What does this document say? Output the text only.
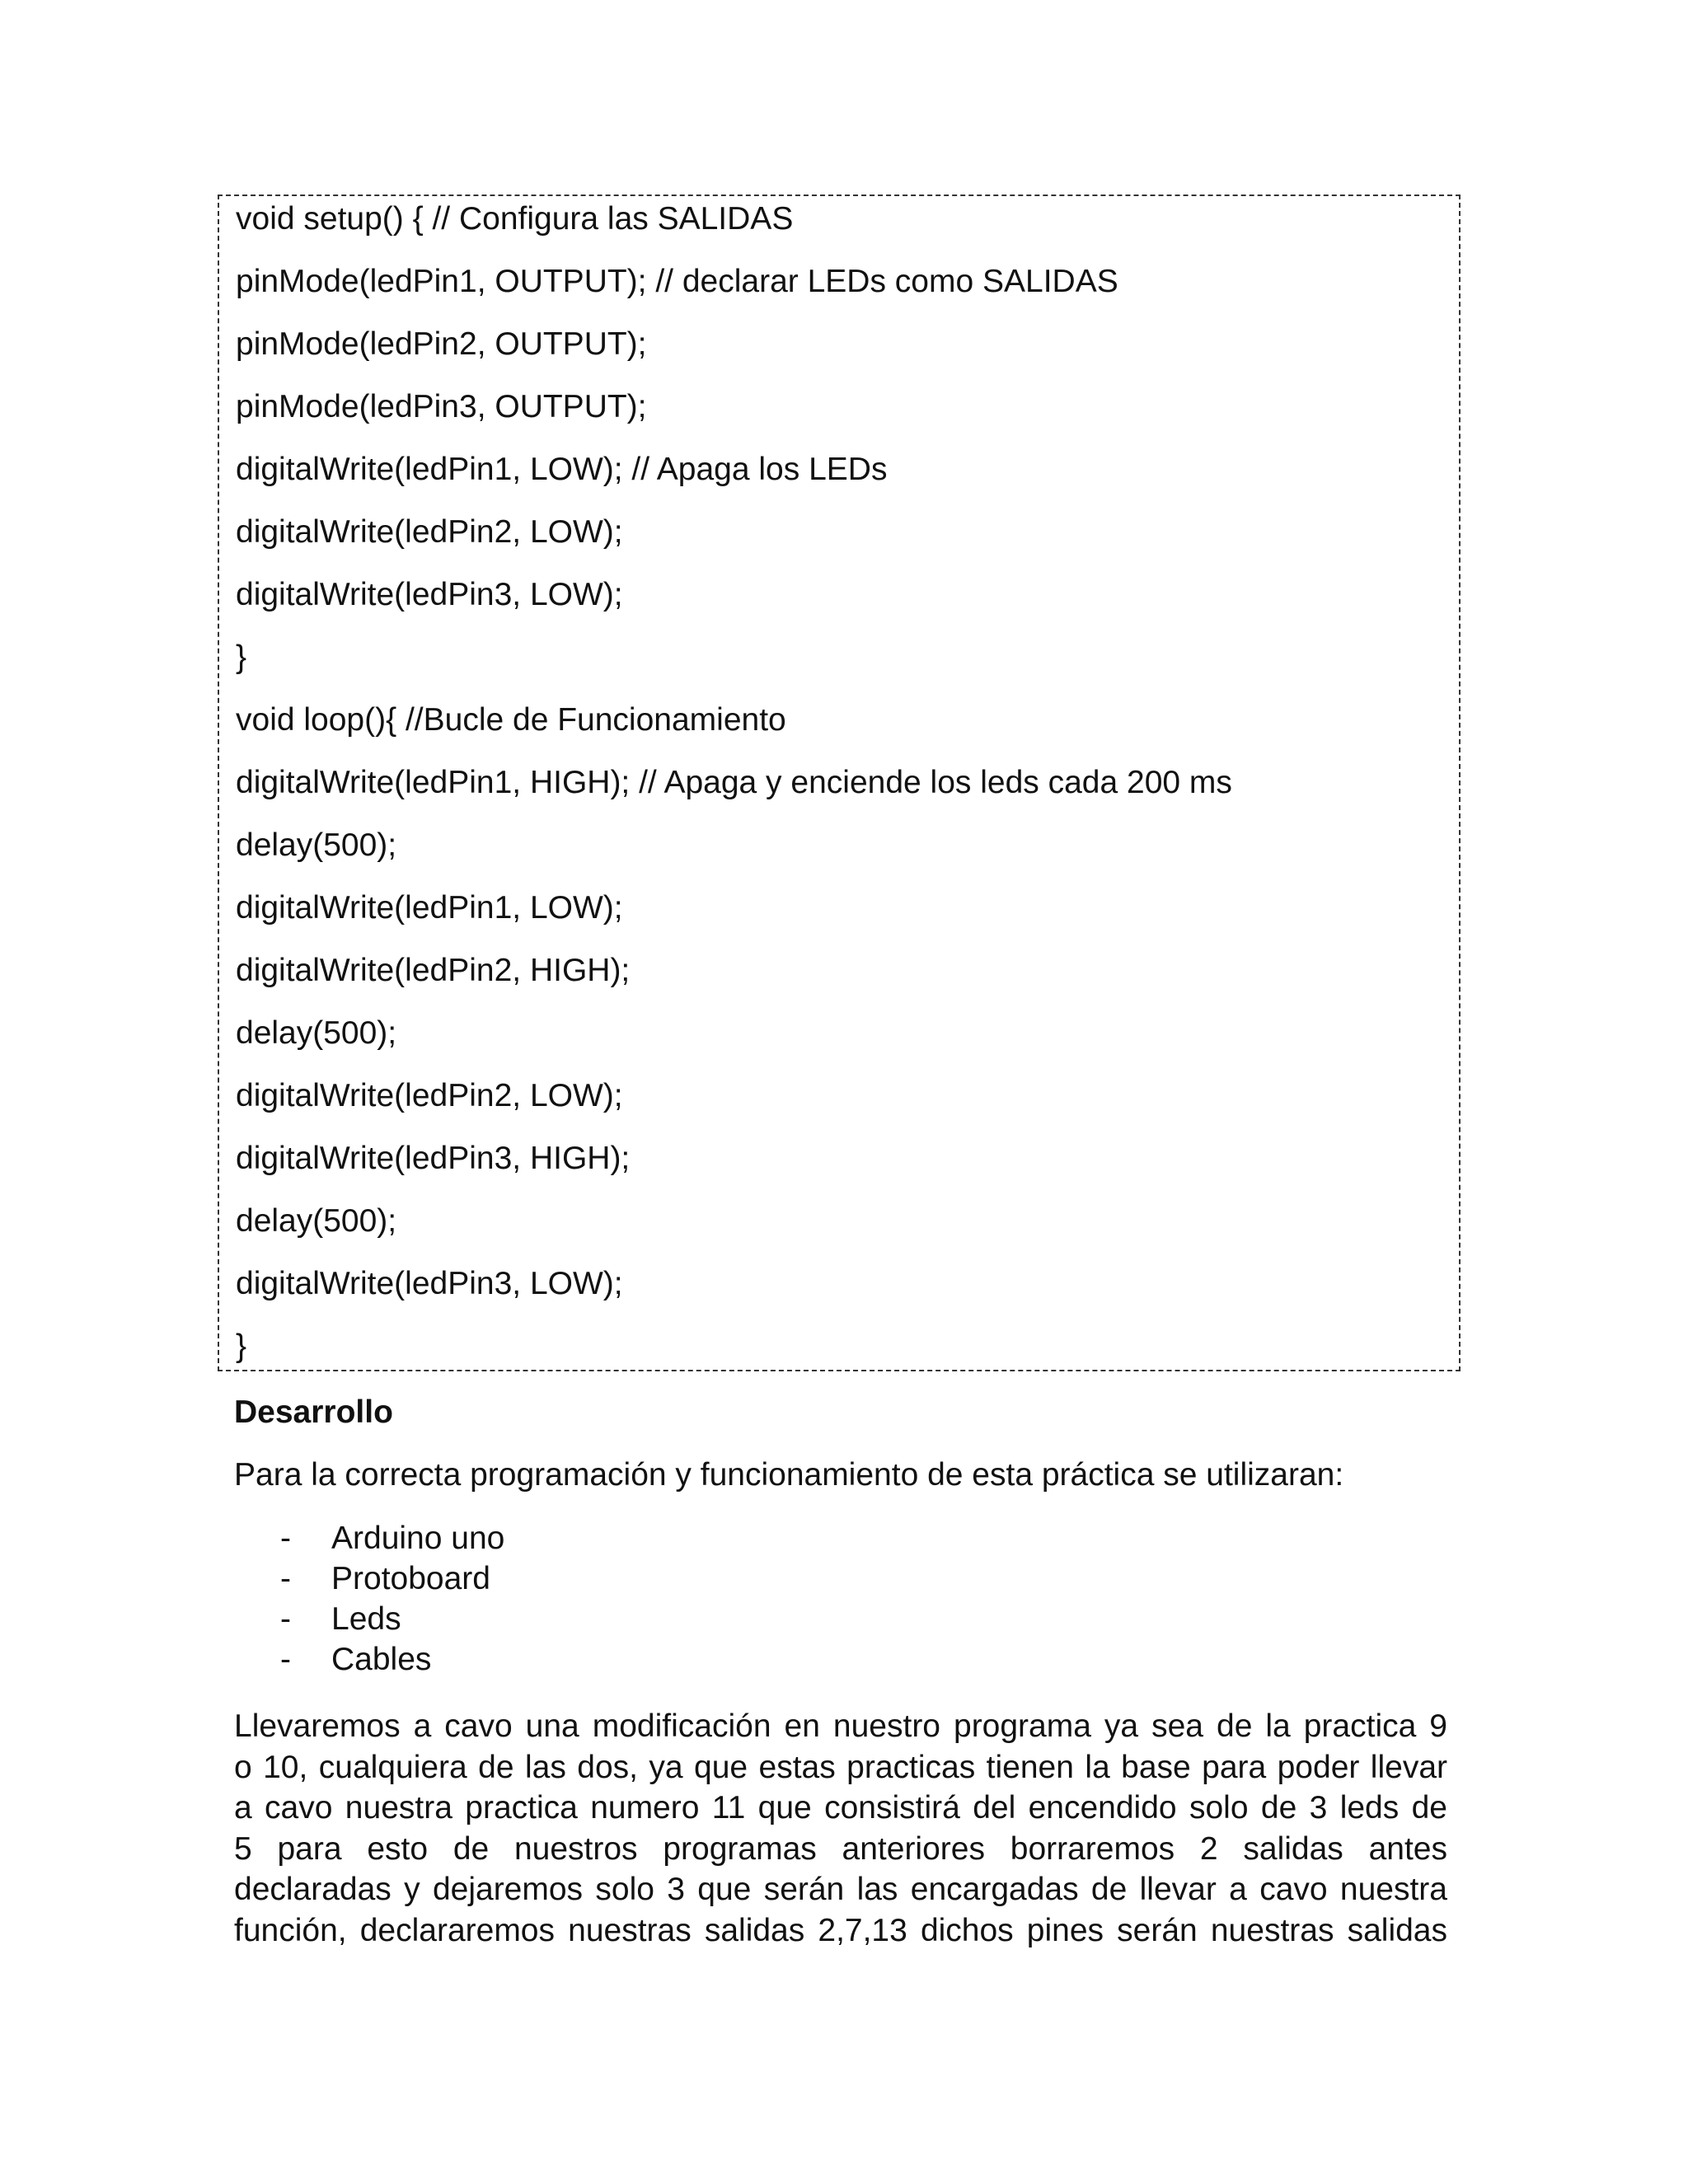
void setup() { // Configura las SALIDAS
pinMode(ledPin1, OUTPUT); // declarar LEDs como SALIDAS
pinMode(ledPin2, OUTPUT);
pinMode(ledPin3, OUTPUT);
digitalWrite(ledPin1, LOW); // Apaga los LEDs
digitalWrite(ledPin2, LOW);
digitalWrite(ledPin3, LOW);
}
void loop(){ //Bucle de Funcionamiento
digitalWrite(ledPin1, HIGH); // Apaga y enciende los leds cada 200 ms
delay(500);
digitalWrite(ledPin1, LOW);
digitalWrite(ledPin2, HIGH);
delay(500);
digitalWrite(ledPin2, LOW);
digitalWrite(ledPin3, HIGH);
delay(500);
digitalWrite(ledPin3, LOW);
}
Desarrollo
Para la correcta programación y funcionamiento de esta práctica se utilizaran:
- Arduino uno
- Protoboard
- Leds
- Cables
Llevaremos a cavo una modificación en nuestro programa ya sea de la practica 9
o 10, cualquiera de las dos, ya que estas practicas tienen la base para poder llevar
a cavo nuestra practica numero 11 que consistirá del encendido solo de 3 leds de
5 para esto de nuestros programas anteriores borraremos 2 salidas antes
declaradas y dejaremos solo 3 que serán las encargadas de llevar a cavo nuestra
función, declararemos nuestras salidas 2,7,13 dichos pines serán nuestras salidas
